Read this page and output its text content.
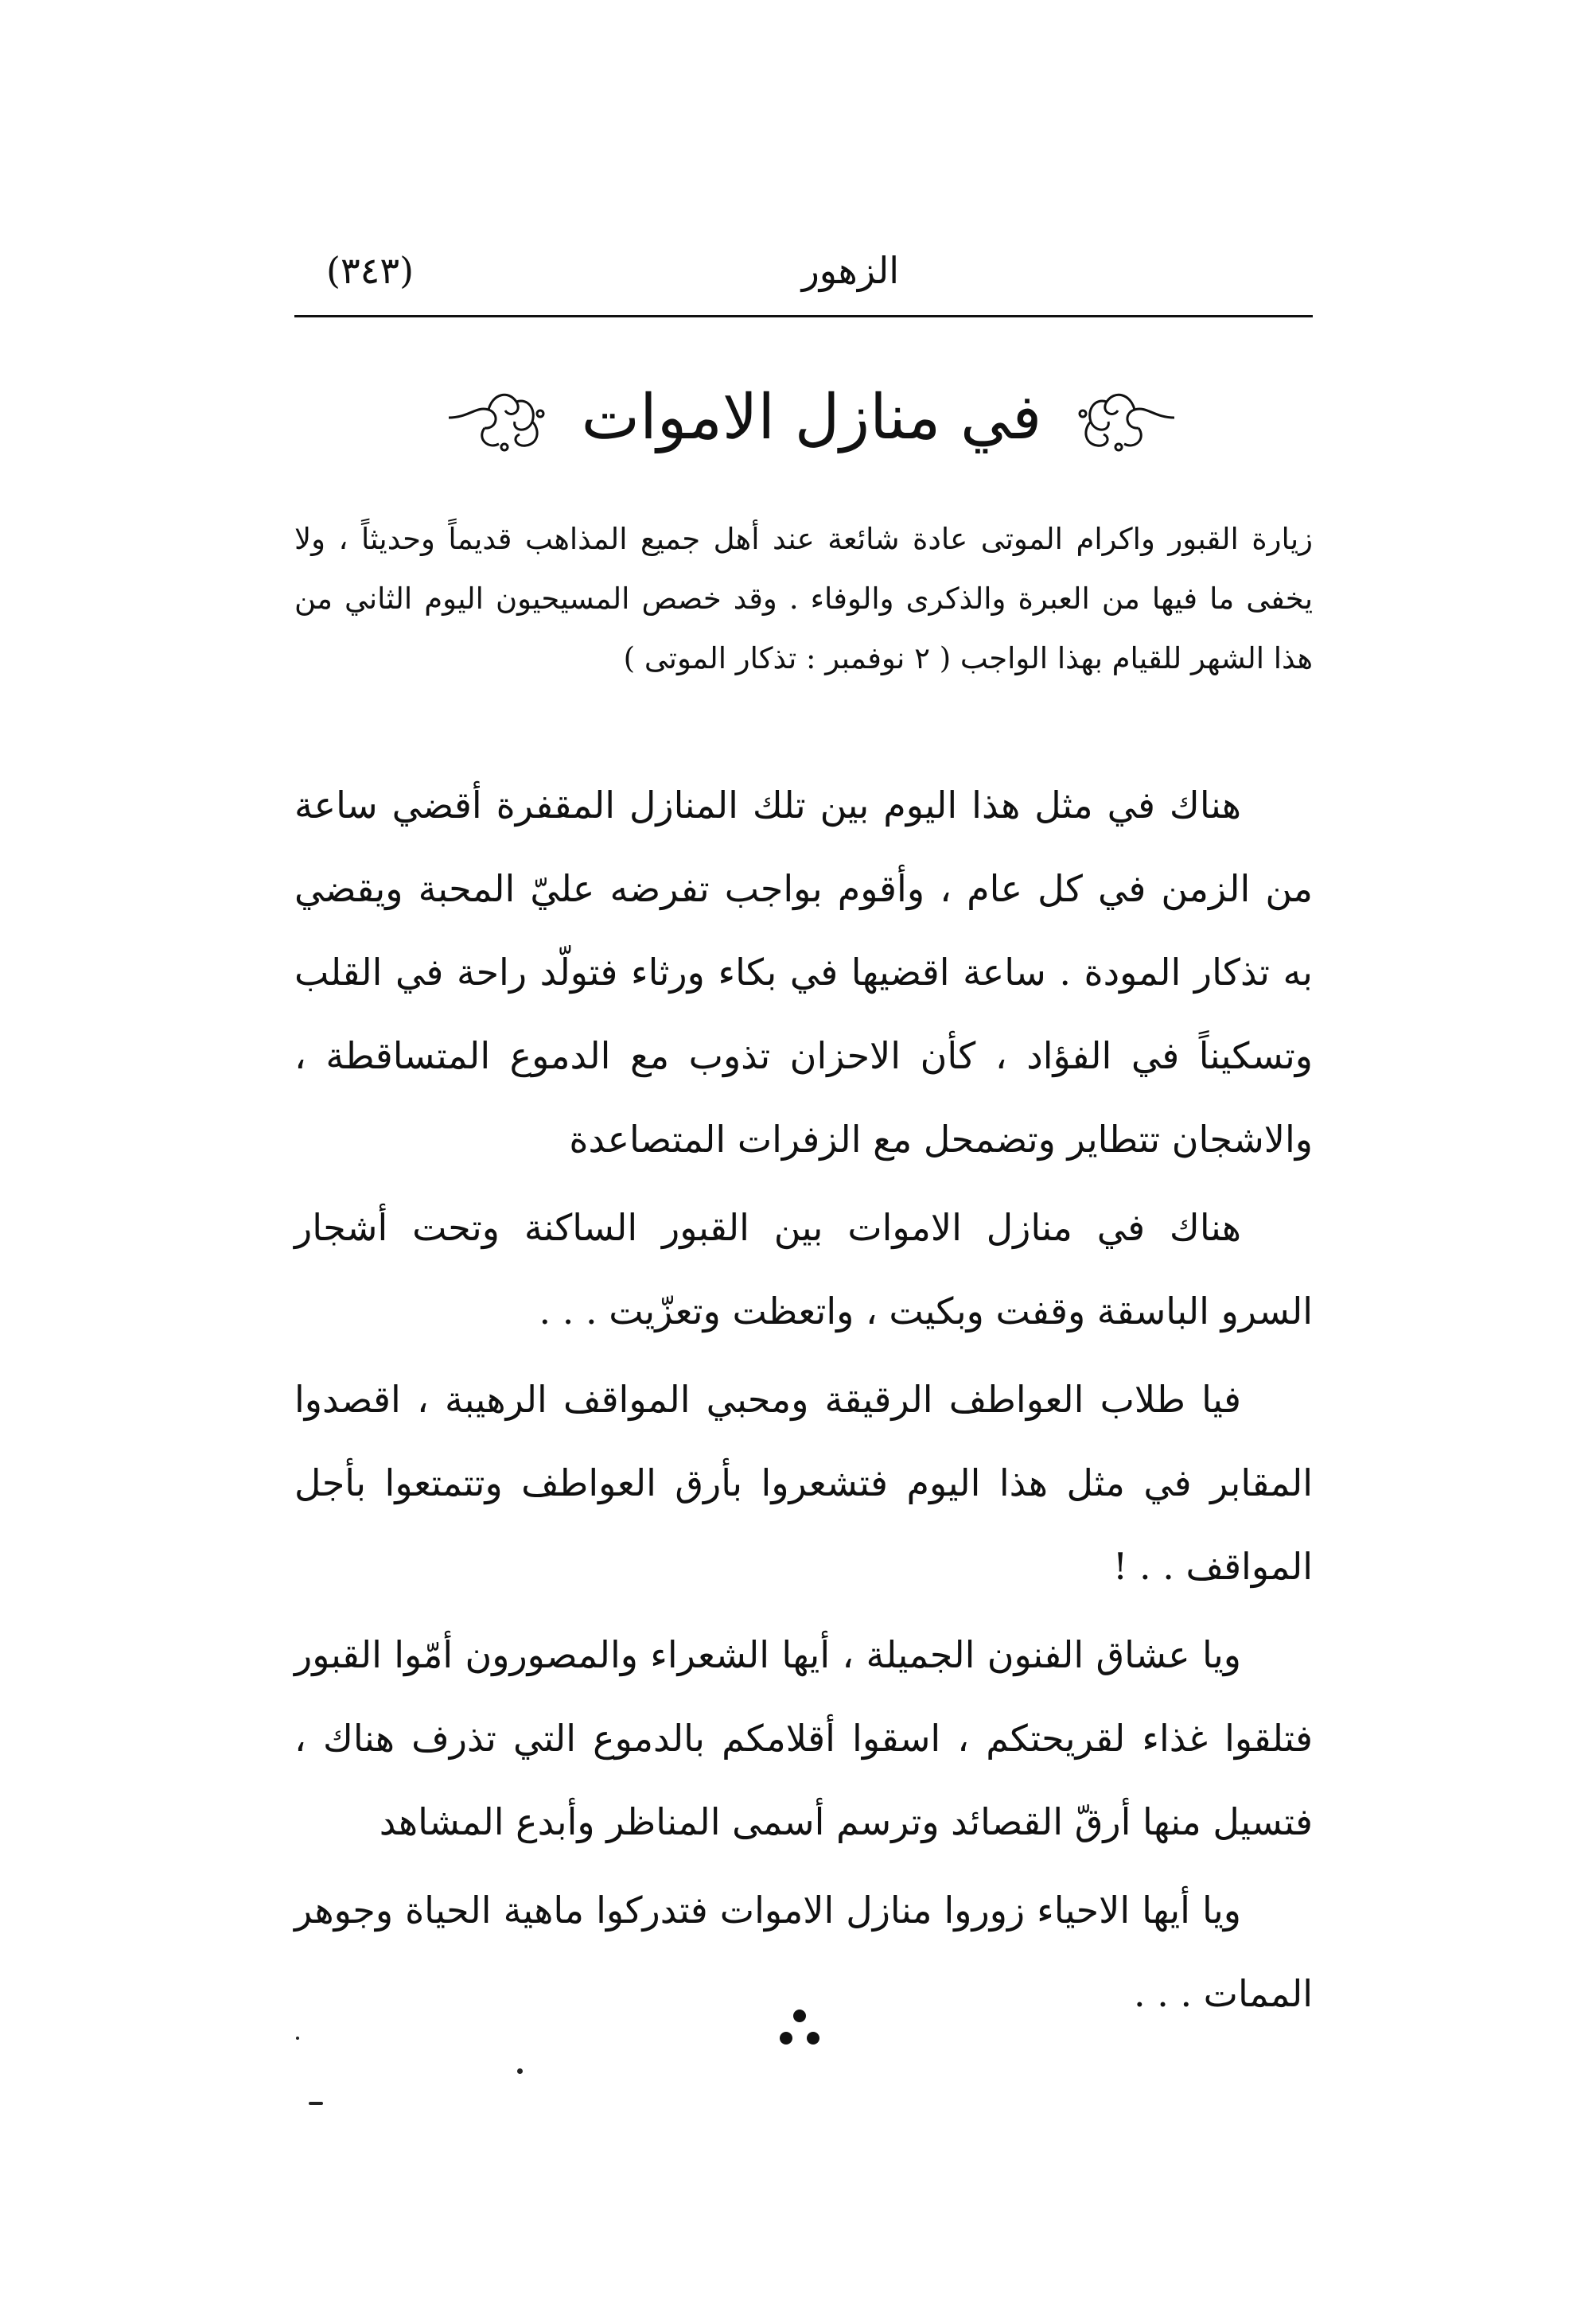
الزهور
(٣٤٣)
في منازل الاموات

زيارة القبور واكرام الموتى عادة شائعة عند أهل جميع المذاهب قديماً وحديثاً ، ولا يخفى ما فيها من العبرة والذكرى والوفاء . وقد خصص المسيحيون اليوم الثاني من هذا الشهر للقيام بهذا الواجب ( ٢ نوفمبر : تذكار الموتى )

هناك في مثل هذا اليوم بين تلك المنازل المقفرة أقضي ساعة من الزمن في كل عام ، وأقوم بواجب تفرضه عليّ المحبة ويقضي به تذكار المودة . ساعة اقضيها في بكاء ورثاء فتولّد راحة في القلب وتسكيناً في الفؤاد ، كأن الاحزان تذوب مع الدموع المتساقطة ، والاشجان تتطاير وتضمحل مع الزفرات المتصاعدة

هناك في منازل الاموات بين القبور الساكنة وتحت أشجار السرو الباسقة وقفت وبكيت ، واتعظت وتعزّيت . . .

فيا طلاب العواطف الرقيقة ومحبي المواقف الرهيبة ، اقصدوا المقابر في مثل هذا اليوم فتشعروا بأرق العواطف وتتمتعوا بأجل المواقف . . !

ويا عشاق الفنون الجميلة ، أيها الشعراء والمصورون أمّوا القبور فتلقوا غذاء لقريحتكم ، اسقوا أقلامكم بالدموع التي تذرف هناك ، فتسيل منها أرقّ القصائد وترسم أسمى المناظر وأبدع المشاهد

ويا أيها الاحياء زوروا منازل الاموات فتدركوا ماهية الحياة وجوهر الممات . . .
